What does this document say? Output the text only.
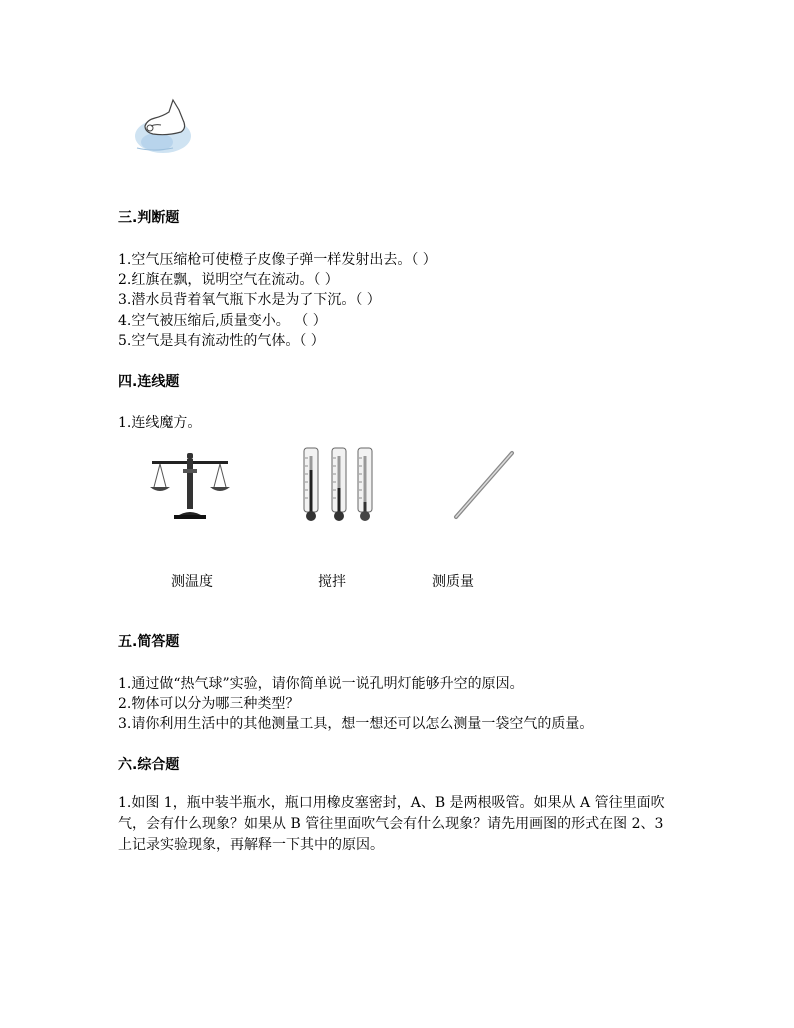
三.判断题
1.空气压缩枪可使橙子皮像子弹一样发射出去。（ ）
2.红旗在飘，说明空气在流动。（ ）
3.潜水员背着氧气瓶下水是为了下沉。（ ）
4.空气被压缩后,质量变小。 （ ）
5.空气是具有流动性的气体。（ ）
四.连线题
1.连线魔方。
测温度	搅拌	测质量
五.简答题
1.通过做“热气球”实验，请你简单说一说孔明灯能够升空的原因。
2.物体可以分为哪三种类型？
3.请你利用生活中的其他测量工具，想一想还可以怎么测量一袋空气的质量。
六.综合题
1.如图 1，瓶中装半瓶水，瓶口用橡皮塞密封，A、B 是两根吸管。如果从 A 管往里面吹气，会有什么现象？如果从 B 管往里面吹气会有什么现象？请先用画图的形式在图 2、3 上记录实验现象，再解释一下其中的原因。
